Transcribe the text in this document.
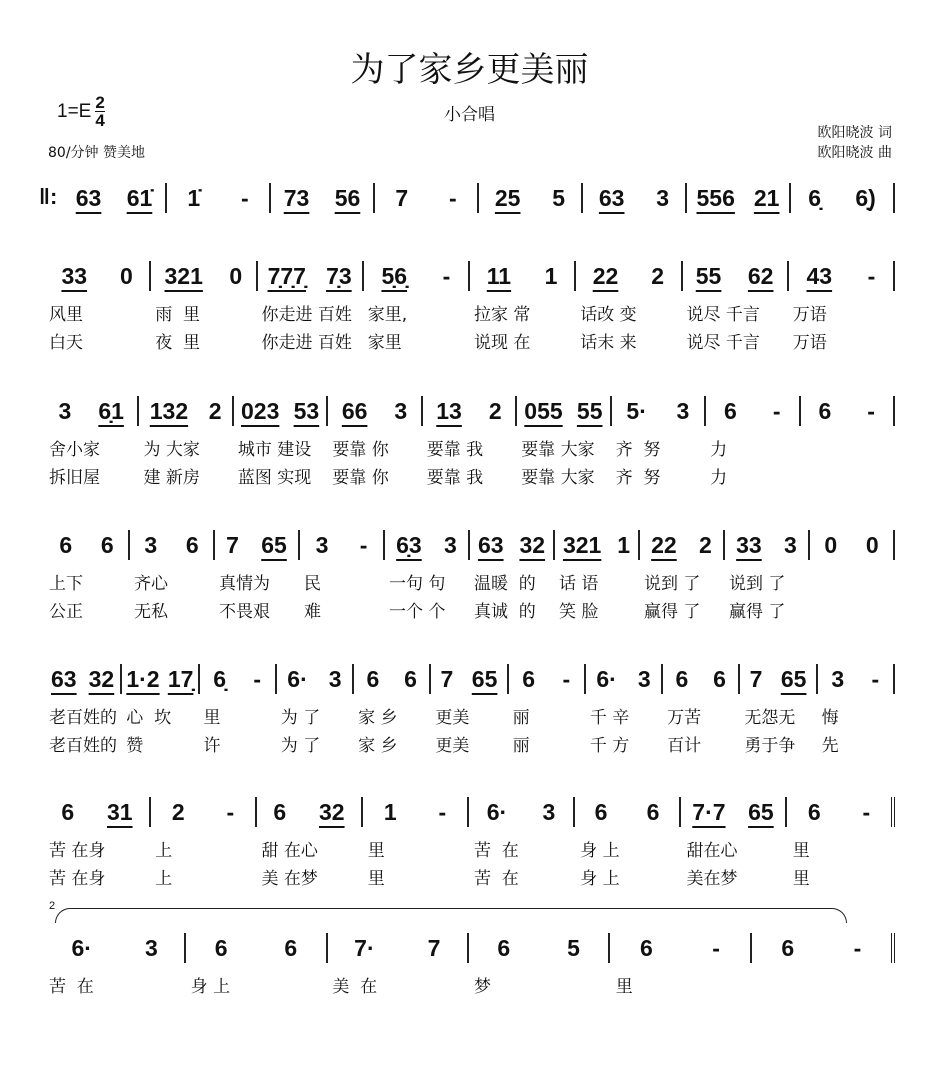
为了家乡更美丽
1=E 2
4	小合唱
80/分钟 赞美地
欧阳晓波 词
欧阳晓波 曲
‖: 63 61̇ 1̇ - 73 56 7 - 25 5 63 3 556 21 6̣ 6̣)
33 0 321 0 7̣7̣7̣ 7̣3 5̣6̣ - 11 1 22 2 55 62 43 -
风里	雨  里	你走进 百姓 家里,	拉家 常	话改 变	说尽 千言	万语
白天	夜  里	你走进 百姓 家里	说现 在	话末 来	说尽 千言	万语
3 6̣1 132 2 023 53 66 3 13 2 055 55 5· 3 6 - 6 -
舍小家	为 大家	城市 建设	要靠 你	要靠 我	要靠 大家	齐  努	力
拆旧屋	建 新房	蓝图 实现	要靠 你	要靠 我	要靠 大家	齐  努	力
6 6 3 6 7 65 3 - 6̣3 3 63 32 321 1 22 2 33 3 0 0
上下	齐心	真情为	民	一句 句	温暖  的	话 语	说到 了	说到 了
公正	无私	不畏艰	难	一个 个	真诚  的	笑 脸	赢得 了	赢得 了
63 32 1·2 17̣ 6̣ - 6· 3 6 6 7 65 6 - 6· 3 6 6 7 65 3 -
老百姓的 心  坎	里	为 了	家 乡	更美	丽	千 辛	万苦	无怨无	悔
老百姓的 赞	许	为 了	家 乡	更美	丽	千 方	百计	勇于争	先
6 31 2 - 6 32 1 - 6· 3 6 6 7·7 65 6 -
苦 在身	上	甜 在心	里	苦  在	身 上	甜在心	里
苦 在身	上	美 在梦	里	苦  在	身 上	美在梦	里
2
6· 3 6 6 7· 7 6 5	6	-	6	-
苦  在	身 上	美  在	梦	里
